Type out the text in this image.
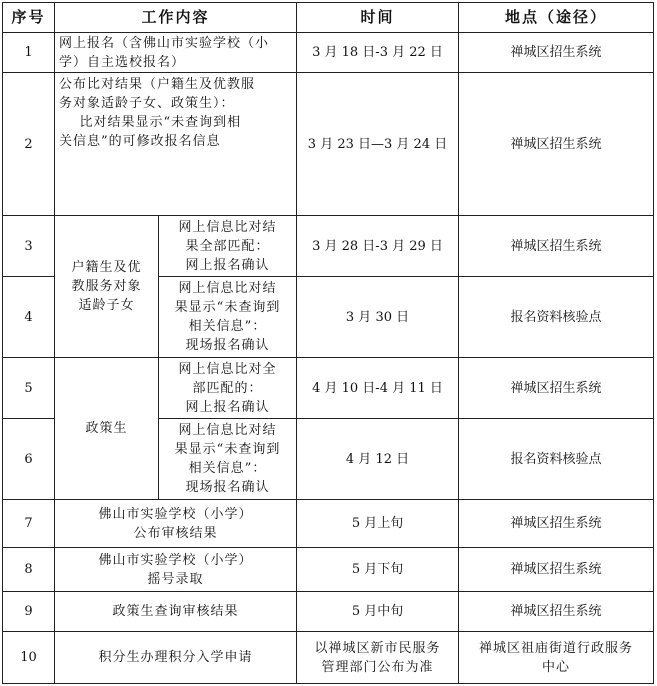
序号	工作内容		时间	地点（途径）
1	网上报名（含佛山市实验学校（小
学）自主选校报名）		3 月 18 日-3 月 22 日	禅城区招生系统
2	公布比对结果（户籍生及优教服
务对象适龄子女、政策生）：
比对结果显示“未查询到相
关信息”的可修改报名信息		3 月 23 日—3 月 24 日	禅城区招生系统
3	户籍生及优
教服务对象
适龄子女	网上信息比对结
果全部匹配：
网上报名确认	3 月 28 日-3 月 29 日	禅城区招生系统
4		网上信息比对结
果显示“未查询到
相关信息”：
现场报名确认	3 月 30 日	报名资料核验点
5	政策生	网上信息比对全
部匹配的：
网上报名确认	4 月 10 日-4 月 11 日	禅城区招生系统
6		网上信息比对结
果显示“未查询到
相关信息”：
现场报名确认	4 月 12 日	报名资料核验点
7	佛山市实验学校（小学）
公布审核结果		5 月上旬	禅城区招生系统
8	佛山市实验学校（小学）
摇号录取		5 月下旬	禅城区招生系统
9	政策生查询审核结果		5 月中旬	禅城区招生系统
10	积分生办理积分入学申请		以禅城区新市民服务
管理部门公布为准	禅城区祖庙街道行政服务
中心
